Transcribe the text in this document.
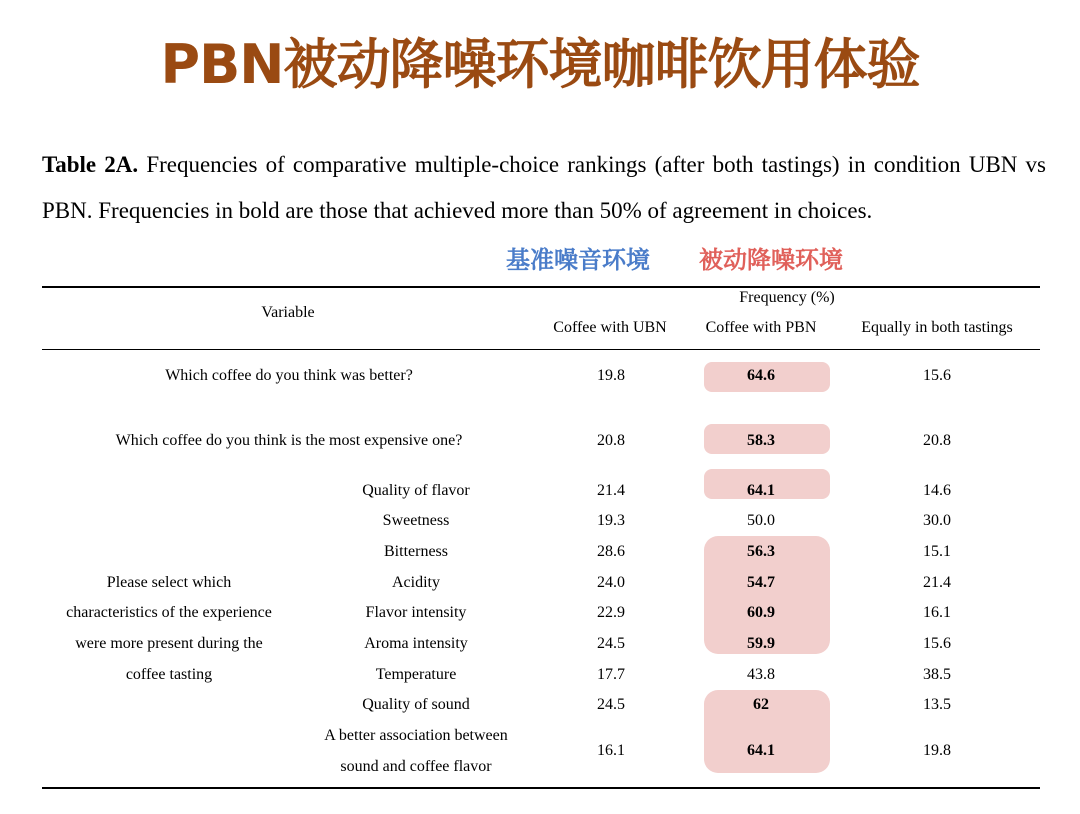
PBN被动降噪环境咖啡饮用体验
Table 2A. Frequencies of comparative multiple-choice rankings (after both tastings) in condition UBN vs PBN. Frequencies in bold are those that achieved more than 50% of agreement in choices.
基准噪音环境 被动降噪环境
Variable
Frequency (%)
Coffee with UBN	Coffee with PBN	Equally in both tastings
Which coffee do you think was better?	19.8	64.6	15.6
Which coffee do you think is the most expensive one?	20.8	58.3	20.8
Please select which
characteristics of the experience
were more present during the
coffee tasting
Quality of flavor	21.4	64.1	14.6
Sweetness	19.3	50.0	30.0
Bitterness	28.6	56.3	15.1
Acidity	24.0	54.7	21.4
Flavor intensity	22.9	60.9	16.1
Aroma intensity	24.5	59.9	15.6
Temperature	17.7	43.8	38.5
Quality of sound	24.5	62	13.5
A better association between
sound and coffee flavor
16.1	64.1	19.8
